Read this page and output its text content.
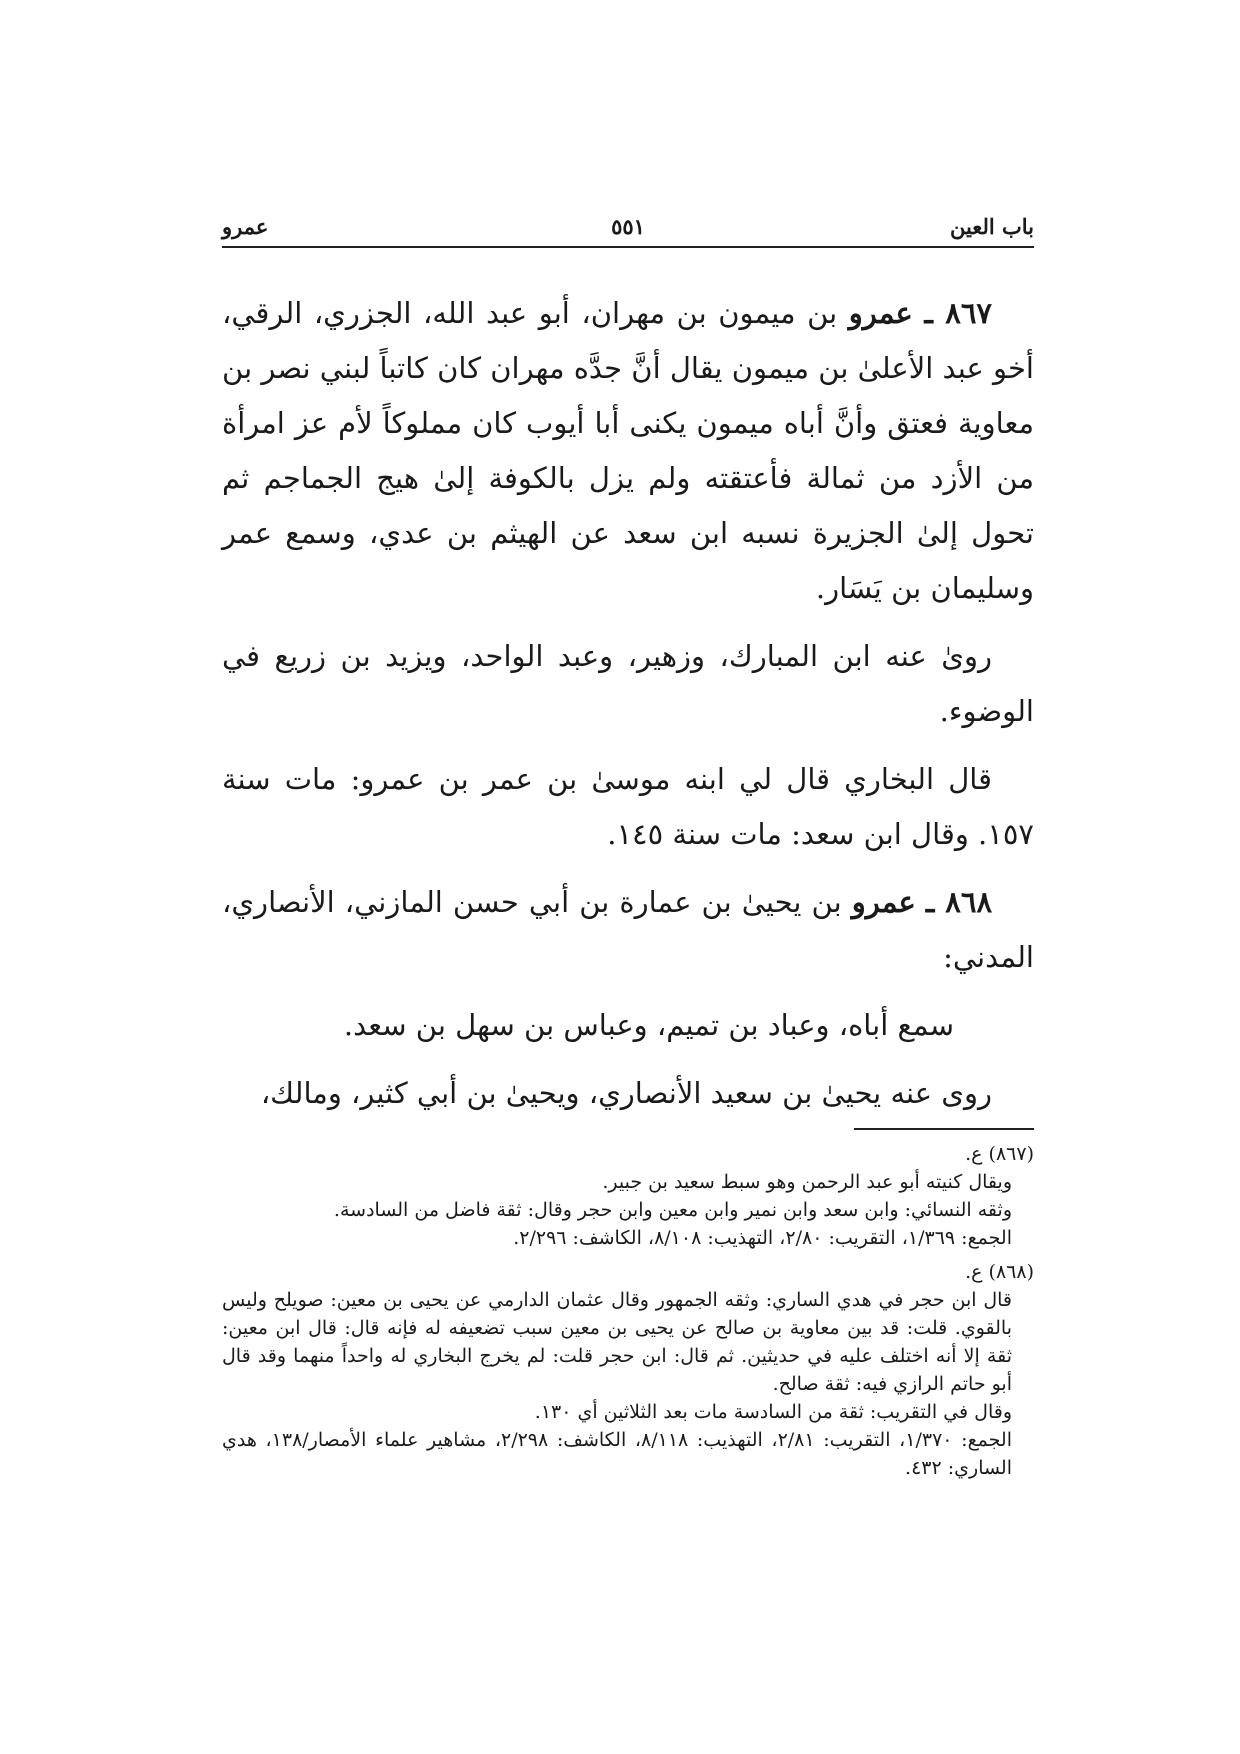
باب العين
٥٥١
عمرو

٨٦٧ ـ عمرو بن ميمون بن مهران، أبو عبد الله، الجزري، الرقي، أخو عبد الأعلىٰ بن ميمون يقال أنَّ جدَّه مهران كان كاتباً لبني نصر بن معاوية فعتق وأنَّ أباه ميمون يكنى أبا أيوب كان مملوكاً لأم عز امرأة من الأزد من ثمالة فأعتقته ولم يزل بالكوفة إلىٰ هيج الجماجم ثم تحول إلىٰ الجزيرة نسبه ابن سعد عن الهيثم بن عدي، وسمع عمر وسليمان بن يَسَار.

روىٰ عنه ابن المبارك، وزهير، وعبد الواحد، ويزيد بن زريع في الوضوء.

قال البخاري قال لي ابنه موسىٰ بن عمر بن عمرو: مات سنة ١٥٧. وقال ابن سعد: مات سنة ١٤٥.

٨٦٨ ـ عمرو بن يحيىٰ بن عمارة بن أبي حسن المازني، الأنصاري، المدني:

سمع أباه، وعباد بن تميم، وعباس بن سهل بن سعد.

روى عنه يحيىٰ بن سعيد الأنصاري، ويحيىٰ بن أبي كثير، ومالك،

(٨٦٧) ع.

ويقال كنيته أبو عبد الرحمن وهو سبط سعيد بن جبير.

وثقه النسائي: وابن سعد وابن نمير وابن معين وابن حجر وقال: ثقة فاضل من السادسة.

الجمع: ١/٣٦٩، التقريب: ٢/٨٠، التهذيب: ٨/١٠٨، الكاشف: ٢/٢٩٦.

(٨٦٨) ع.

قال ابن حجر في هدي الساري: وثقه الجمهور وقال عثمان الدارمي عن يحيى بن معين: صويلح وليس بالقوي. قلت: قد بين معاوية بن صالح عن يحيى بن معين سبب تضعيفه له فإنه قال: قال ابن معين: ثقة إلا أنه اختلف عليه في حديثين. ثم قال: ابن حجر قلت: لم يخرج البخاري له واحداً منهما وقد قال أبو حاتم الرازي فيه: ثقة صالح.

وقال في التقريب: ثقة من السادسة مات بعد الثلاثين أي ١٣٠.

الجمع: ١/٣٧٠، التقريب: ٢/٨١، التهذيب: ٨/١١٨، الكاشف: ٢/٢٩٨، مشاهير علماء الأمصار/١٣٨، هدي الساري: ٤٣٢.
